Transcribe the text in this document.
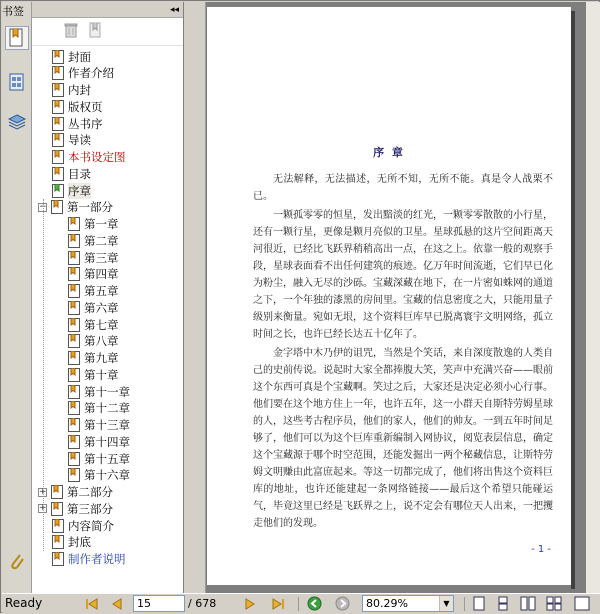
书签	◂◂
封面
作者介绍
内封
版权页
丛书序
导读
本书设定图
目录
序章
− 第一部分
第一章
第二章
第三章
第四章
第五章
第六章
第七章
第八章
第九章
第十章
第十一章
第十二章
第十三章
第十四章
第十五章
第十六章
+ 第二部分
+ 第三部分
内容简介
封底
制作者说明
序 章

无法解释，无法描述，无所不知，无所不能。真是令人战栗不已。

一颗孤零零的恒星，发出黯淡的红光，一颗零零散散的小行星，还有一颗行星，更像是颗月亮似的卫星。星球孤悬的这片空间距离天河很近，已经比飞跃界稍稍高出一点，在这之上。依靠一般的观察手段，星球表面看不出任何建筑的痕迹。亿万年时间流逝，它们早已化为粉尘，融入无尽的沙砾。宝藏深藏在地下，在一片密如蛛网的通道之下，一个年独的漆黑的房间里。宝藏的信息密度之大，只能用量子级别来衡量。宛如无垠，这个资料巨库早已脱离寰宇文明网络，孤立时间之长，也许已经长达五十亿年了。

金字塔中木乃伊的诅咒，当然是个笑话，来自深度散逸的人类自己的史前传说。说起时大家全都捧腹大笑，笑声中充满兴奋——眼前这个东西可真是个宝藏啊。笑过之后，大家还是决定必须小心行事。他们要在这个地方住上一年，也许五年，这一小群天自斯特劳姆星球的人，这些考古程序员，他们的家人，他们的帅友。一到五年时间足够了，他们可以为这个巨库重新编制入网协议，阅览表层信息，确定这个宝藏源于哪个时空范围，还能发掘出一两个秘藏信息，让斯特劳姆文明赚由此富庶起来。等这一切都完成了，他们将出售这个资料巨库的地址，也许还能建起一条网络链接——最后这个希望只能碰运气，毕竟这里已经是飞跃界之上，说不定会有哪位天人出来，一把攫走他们的发现。

- 1 -
Ready	15	/ 678	80.29%	▼
